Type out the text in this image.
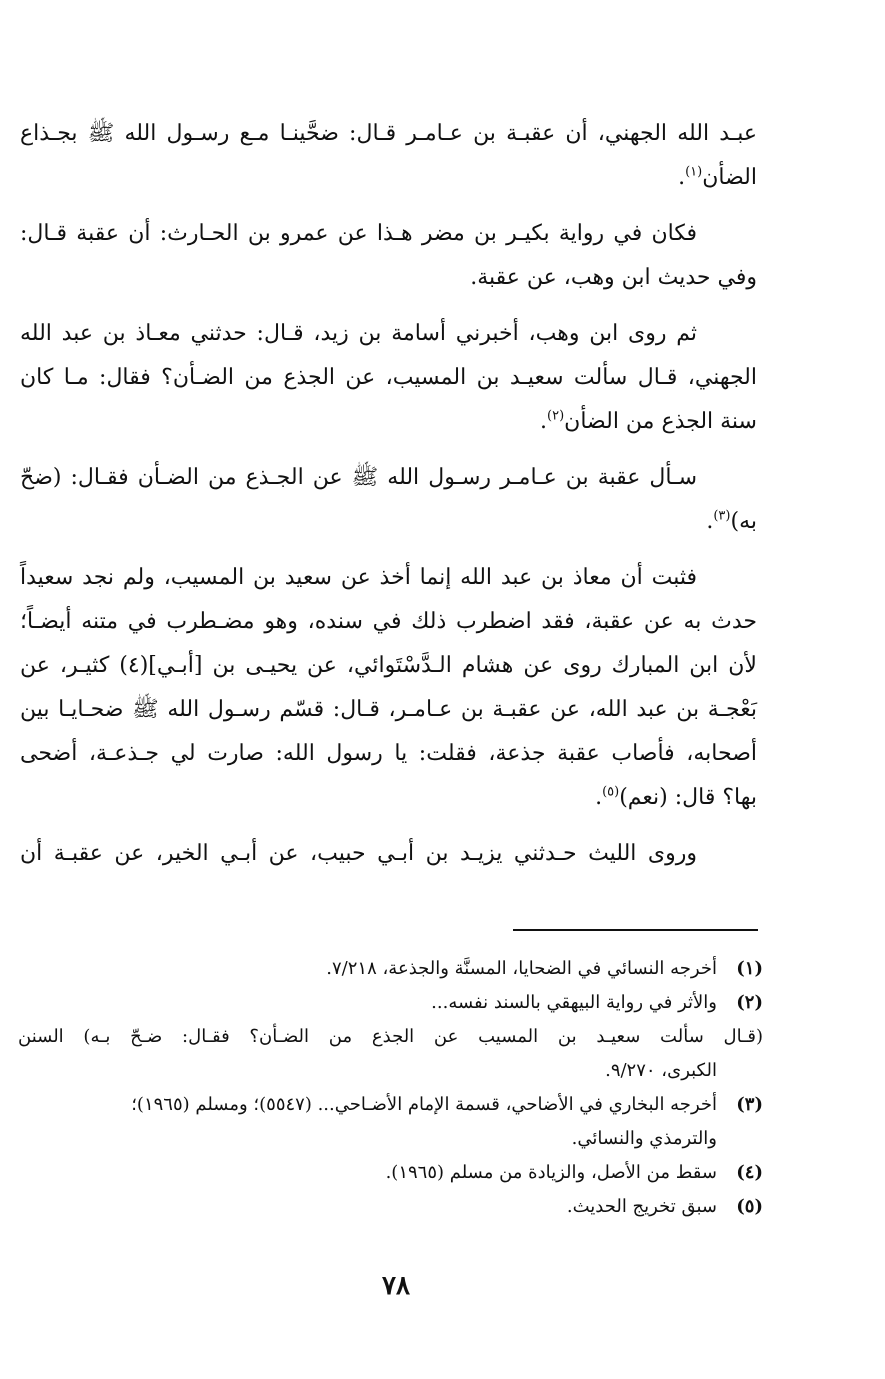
عبـد الله الجهني، أن عقبـة بن عـامـر قـال: ضحَّينـا مـع رسـول الله ﷺ بجـذاع
الضأن$^{(١)}$.
فكان في رواية بكيـر بن مضر هـذا عن عمرو بن الحـارث: أن عقبة قـال:
وفي حديث ابن وهب، عن عقبة.
ثم روى ابن وهب، أخبرني أسامة بن زيد، قـال: حدثني معـاذ بن عبد الله
الجهني، قـال سألت سعيـد بن المسيب، عن الجذع من الضـأن؟ فقال: مـا كان
سنة الجذع من الضأن$^{(٢)}$.
سـأل عقبة بن عـامـر رسـول الله ﷺ عن الجـذع من الضـأن فقـال: (ضحّ
به)$^{(٣)}$.
فثبت أن معاذ بن عبد الله إنما أخذ عن سعيد بن المسيب، ولم نجد سعيداً
حدث به عن عقبة، فقد اضطرب ذلك في سنده، وهو مضـطرب في متنه أيضـاً؛
لأن ابن المبارك روى عن هشام الـدَّسْتَوائي، عن يحيـى بن [أبـي](٤) كثيـر، عن
بَعْجـة بن عبد الله، عن عقبـة بن عـامـر، قـال: قسّم رسـول الله ﷺ ضحـايـا بين
أصحابه، فأصاب عقبة جذعة، فقلت: يا رسول الله: صارت لي جـذعـة، أضحى
بها؟ قال: (نعم)$^{(٥)}$.
وروى الليث حـدثني يزيـد بن أبـي حبيب، عن أبـي الخير، عن عقبـة أن
(١)
أخرجه النسائي في الضحايا، المسنَّة والجذعة، ٧/٢١٨.
(٢)
والأثر في رواية البيهقي بالسند نفسه...
(قـال سألت سعيـد بن المسيب عن الجذع من الضـأن؟ فقـال: ضـحّ بـه) السنن
الكبرى، ٩/٢٧٠.
(٣)
أخرجه البخاري في الأضاحي، قسمة الإمام الأضـاحي... (٥٥٤٧)؛ ومسلم (١٩٦٥)؛
والترمذي والنسائي.
(٤)
سقط من الأصل، والزيادة من مسلم (١٩٦٥).
(٥)
سبق تخريج الحديث.
٧٨
